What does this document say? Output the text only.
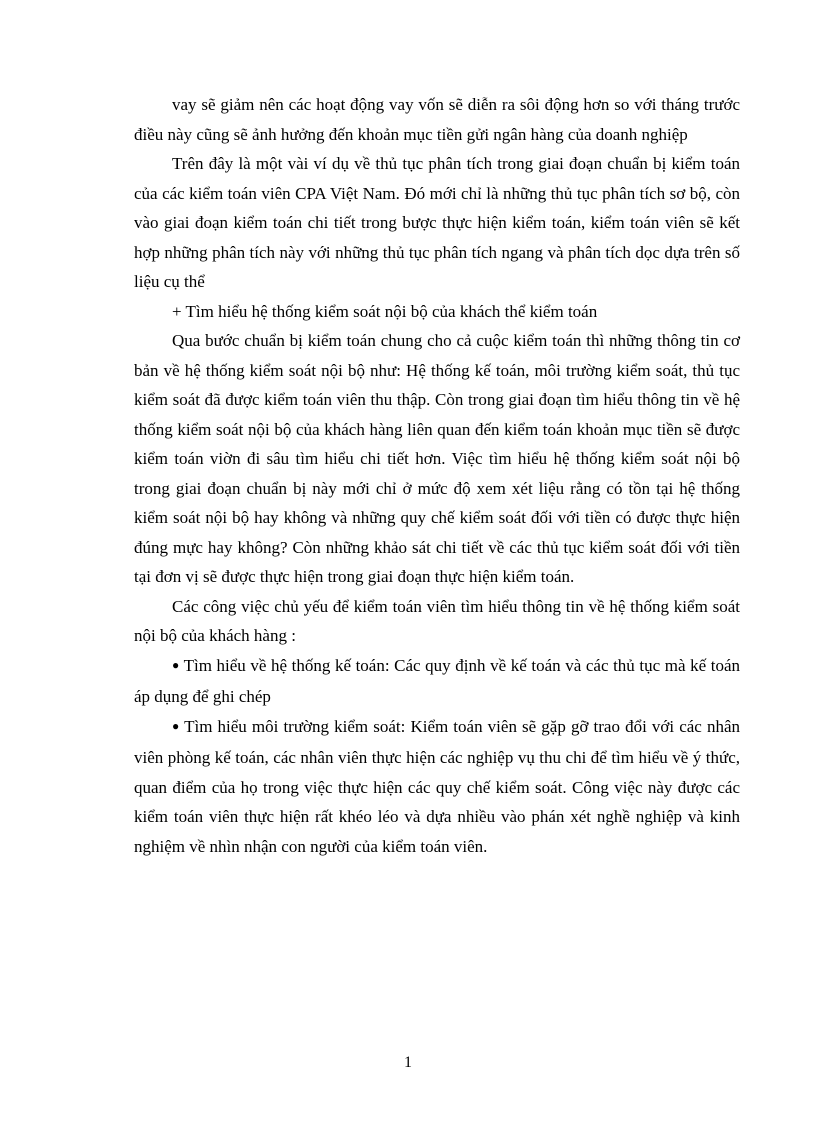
vay sẽ giảm nên các hoạt động vay vốn sẽ diễn ra sôi động hơn so với tháng trước điều này cũng sẽ ảnh hưởng đến khoản mục tiền gửi ngân hàng của doanh nghiệp

Trên đây là một vài ví dụ về thủ tục phân tích trong giai đoạn chuẩn bị kiểm toán của các kiểm toán viên CPA Việt Nam. Đó mới chỉ là những thủ tục phân tích sơ bộ, còn vào giai đoạn kiểm toán chi tiết trong bược thực hiện kiểm toán, kiểm toán viên sẽ kết hợp những phân tích này với những thủ tục phân tích ngang và phân tích dọc dựa trên số liệu cụ thể

+ Tìm hiểu hệ thống kiểm soát nội bộ của khách thể kiểm toán

Qua bước chuẩn bị kiểm toán chung cho cả cuộc kiểm toán thì những thông tin cơ bản về hệ thống kiểm soát nội bộ như: Hệ thống kế toán, môi trường kiểm soát, thủ tục kiểm soát đã được kiểm toán viên thu thập. Còn trong giai đoạn tìm hiểu thông tin về hệ thống kiểm soát nội bộ của khách hàng liên quan đến kiểm toán khoản mục tiền sẽ được kiểm toán viờn đi sâu tìm hiểu chi tiết hơn. Việc tìm hiểu hệ thống kiểm soát nội bộ trong giai đoạn chuẩn bị này mới chỉ ở mức độ xem xét liệu rằng có tồn tại hệ thống kiểm soát nội bộ hay không và những quy chế kiểm soát đối với tiền có được thực hiện đúng mực hay không? Còn những khảo sát chi tiết về các thủ tục kiểm soát đối với tiền tại đơn vị sẽ được thực hiện trong giai đoạn thực hiện kiểm toán.

Các công việc chủ yếu để kiểm toán viên tìm hiểu thông tin về hệ thống kiểm soát nội bộ của khách hàng :

● Tìm hiểu về hệ thống kế toán: Các quy định về kế toán và các thủ tục mà kế toán áp dụng để ghi chép

● Tìm hiểu môi trường kiểm soát: Kiểm toán viên sẽ gặp gỡ trao đổi với các nhân viên phòng kế toán, các nhân viên thực hiện các nghiệp vụ thu chi để tìm hiểu về ý thức, quan điểm của họ trong việc thực hiện các quy chế kiểm soát. Công việc này được các kiểm toán viên thực hiện rất khéo léo và dựa nhiều vào phán xét nghề nghiệp và kinh nghiệm về nhìn nhận con người của kiểm toán viên.

1
